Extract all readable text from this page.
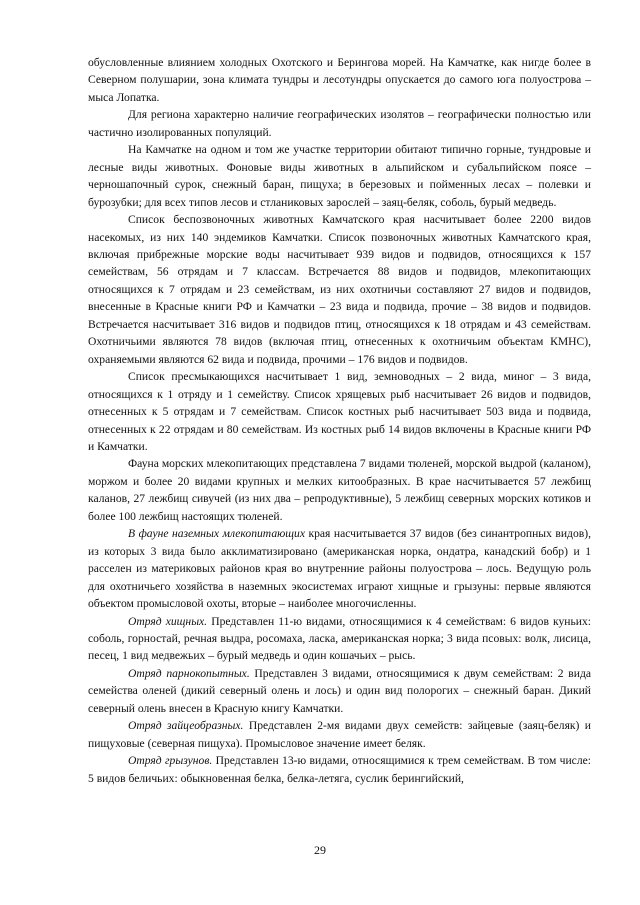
обусловленные влиянием холодных Охотского и Берингова морей. На Камчатке, как нигде более в Северном полушарии, зона климата тундры и лесотундры опускается до самого юга полуострова – мыса Лопатка.

Для региона характерно наличие географических изолятов – географически полностью или частично изолированных популяций.

На Камчатке на одном и том же участке территории обитают типично горные, тундровые и лесные виды животных. Фоновые виды животных в альпийском и субальпийском поясе – черношапочный сурок, снежный баран, пищуха; в березовых и пойменных лесах – полевки и бурозубки; для всех типов лесов и стланиковых зарослей – заяц-беляк, соболь, бурый медведь.

Список беспозвоночных животных Камчатского края насчитывает более 2200 видов насекомых, из них 140 эндемиков Камчатки. Список позвоночных животных Камчатского края, включая прибрежные морские воды насчитывает 939 видов и подвидов, относящихся к 157 семействам, 56 отрядам и 7 классам. Встречается 88 видов и подвидов, млекопитающих относящихся к 7 отрядам и 23 семействам, из них охотничьи составляют 27 видов и подвидов, внесенные в Красные книги РФ и Камчатки – 23 вида и подвида, прочие – 38 видов и подвидов. Встречается насчитывает 316 видов и подвидов птиц, относящихся к 18 отрядам и 43 семействам. Охотничьими являются 78 видов (включая птиц, отнесенных к охотничьим объектам КМНС), охраняемыми являются 62 вида и подвида, прочими – 176 видов и подвидов.

Список пресмыкающихся насчитывает 1 вид, земноводных – 2 вида, миног – 3 вида, относящихся к 1 отряду и 1 семейству. Список хрящевых рыб насчитывает 26 видов и подвидов, отнесенных к 5 отрядам и 7 семействам. Список костных рыб насчитывает 503 вида и подвида, отнесенных к 22 отрядам и 80 семействам. Из костных рыб 14 видов включены в Красные книги РФ и Камчатки.

Фауна морских млекопитающих представлена 7 видами тюленей, морской выдрой (каланом), моржом и более 20 видами крупных и мелких китообразных. В крае насчитывается 57 лежбищ каланов, 27 лежбищ сивучей (из них два – репродуктивные), 5 лежбищ северных морских котиков и более 100 лежбищ настоящих тюленей.

В фауне наземных млекопитающих края насчитывается 37 видов (без синантропных видов), из которых 3 вида было акклиматизировано (американская норка, ондатра, канадский бобр) и 1 расселен из материковых районов края во внутренние районы полуострова – лось. Ведущую роль для охотничьего хозяйства в наземных экосистемах играют хищные и грызуны: первые являются объектом промысловой охоты, вторые – наиболее многочисленны.

Отряд хищных. Представлен 11-ю видами, относящимися к 4 семействам: 6 видов куньих: соболь, горностай, речная выдра, росомаха, ласка, американская норка; 3 вида псовых: волк, лисица, песец, 1 вид медвежьих – бурый медведь и один кошачьих – рысь.

Отряд парнокопытных. Представлен 3 видами, относящимися к двум семействам: 2 вида семейства оленей (дикий северный олень и лось) и один вид полорогих – снежный баран. Дикий северный олень внесен в Красную книгу Камчатки.

Отряд зайцеобразных. Представлен 2-мя видами двух семейств: зайцевые (заяц-беляк) и пищуховые (северная пищуха). Промысловое значение имеет беляк.

Отряд грызунов. Представлен 13-ю видами, относящимися к трем семействам. В том числе: 5 видов беличьих: обыкновенная белка, белка-летяга, суслик берингийский,

29
